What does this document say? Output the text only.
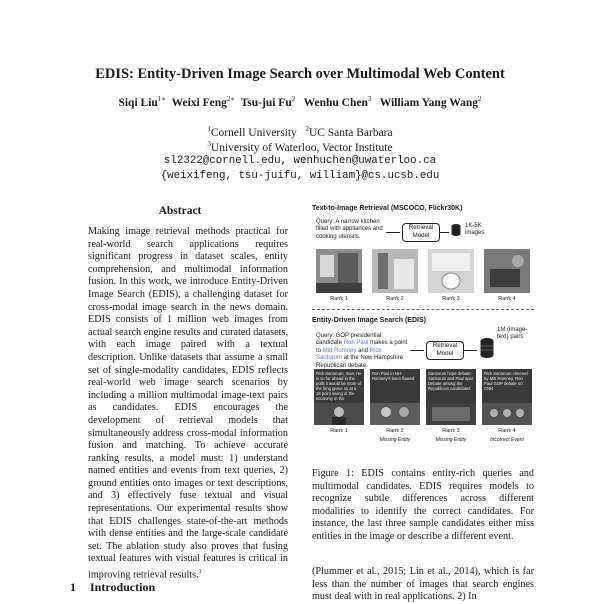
EDIS: Entity-Driven Image Search over Multimodal Web Content
Siqi Liu$^{1∗}$ Weixi Feng$^{2∗}$ Tsu-jui Fu$^2$ Wenhu Chen$^3$ William Yang Wang$^2$
$^1$Cornell University $^2$UC Santa Barbara
$^3$University of Waterloo, Vector Institute
sl2322@cornell.edu, wenhuchen@uwaterloo.ca
{weixifeng, tsu-juifu, william}@cs.ucsb.edu
Abstract
Making image retrieval methods practical for real-world search applications requires significant progress in dataset scales, entity comprehension, and multimodal information fusion. In this work, we introduce Entity-Driven Image Search (EDIS), a challenging dataset for cross-modal image search in the news domain. EDIS consists of 1 million web images from actual search engine results and curated datasets, with each image paired with a textual description. Unlike datasets that assume a small set of single-modality candidates, EDIS reflects real-world web image search scenarios by including a million multimodal image-text pairs as candidates. EDIS encourages the development of retrieval models that simultaneously address cross-modal information fusion and matching. To achieve accurate ranking results, a model must: 1) understand named entities and events from text queries, 2) ground entities onto images or text descriptions, and 3) effectively fuse textual and visual representations. Our experimental results show that EDIS challenges state-of-the-art methods with dense entities and the large-scale candidate set. The ablation study also proves that fusing textual features with visual features is critical in improving retrieval results.$^1$
1 Introduction
Text-to-Image Retrieval (MSCOCO, Flickr30K)
Query: A narrow kitchen filled with appliances and cooking utensils.
Retrieval Model
1K-5K images
Rank 1	Rank 2	Rank 3	Rank 4
Entity-Driven Image Search (EDIS)
Query: GOP presidential candidate Ron Paul makes a point to Mitt Romney and Rick Santorum at the New Hampshire Republican debate.
Retrieval Model
1M (image-text) pairs
Rick Santorum, man, He is so far ahead in the polls it would be more of the long game so at a 15 point swing of the economy in the
Ron Paul in NH: Romney's been flawed
Santorum hope debate: Santorum and Paul spar Debate among the Republican candidates
Rick Santorum cheered by Mitt Romney, Ron Paul GOP debate on CNN
Rank 1	Rank 2	Rank 3	Rank 4
Missing Entity	Missing Entity	Incorrect Event
Figure 1: EDIS contains entity-rich queries and multimodal candidates. EDIS requires models to recognize subtle differences across different modalities to identify the correct candidates. For instance, the last three sample candidates either miss entities in the image or describe a different event.
(Plummer et al., 2015; Lin et al., 2014), which is far less than the number of images that search engines must deal with in real applications. 2) In
